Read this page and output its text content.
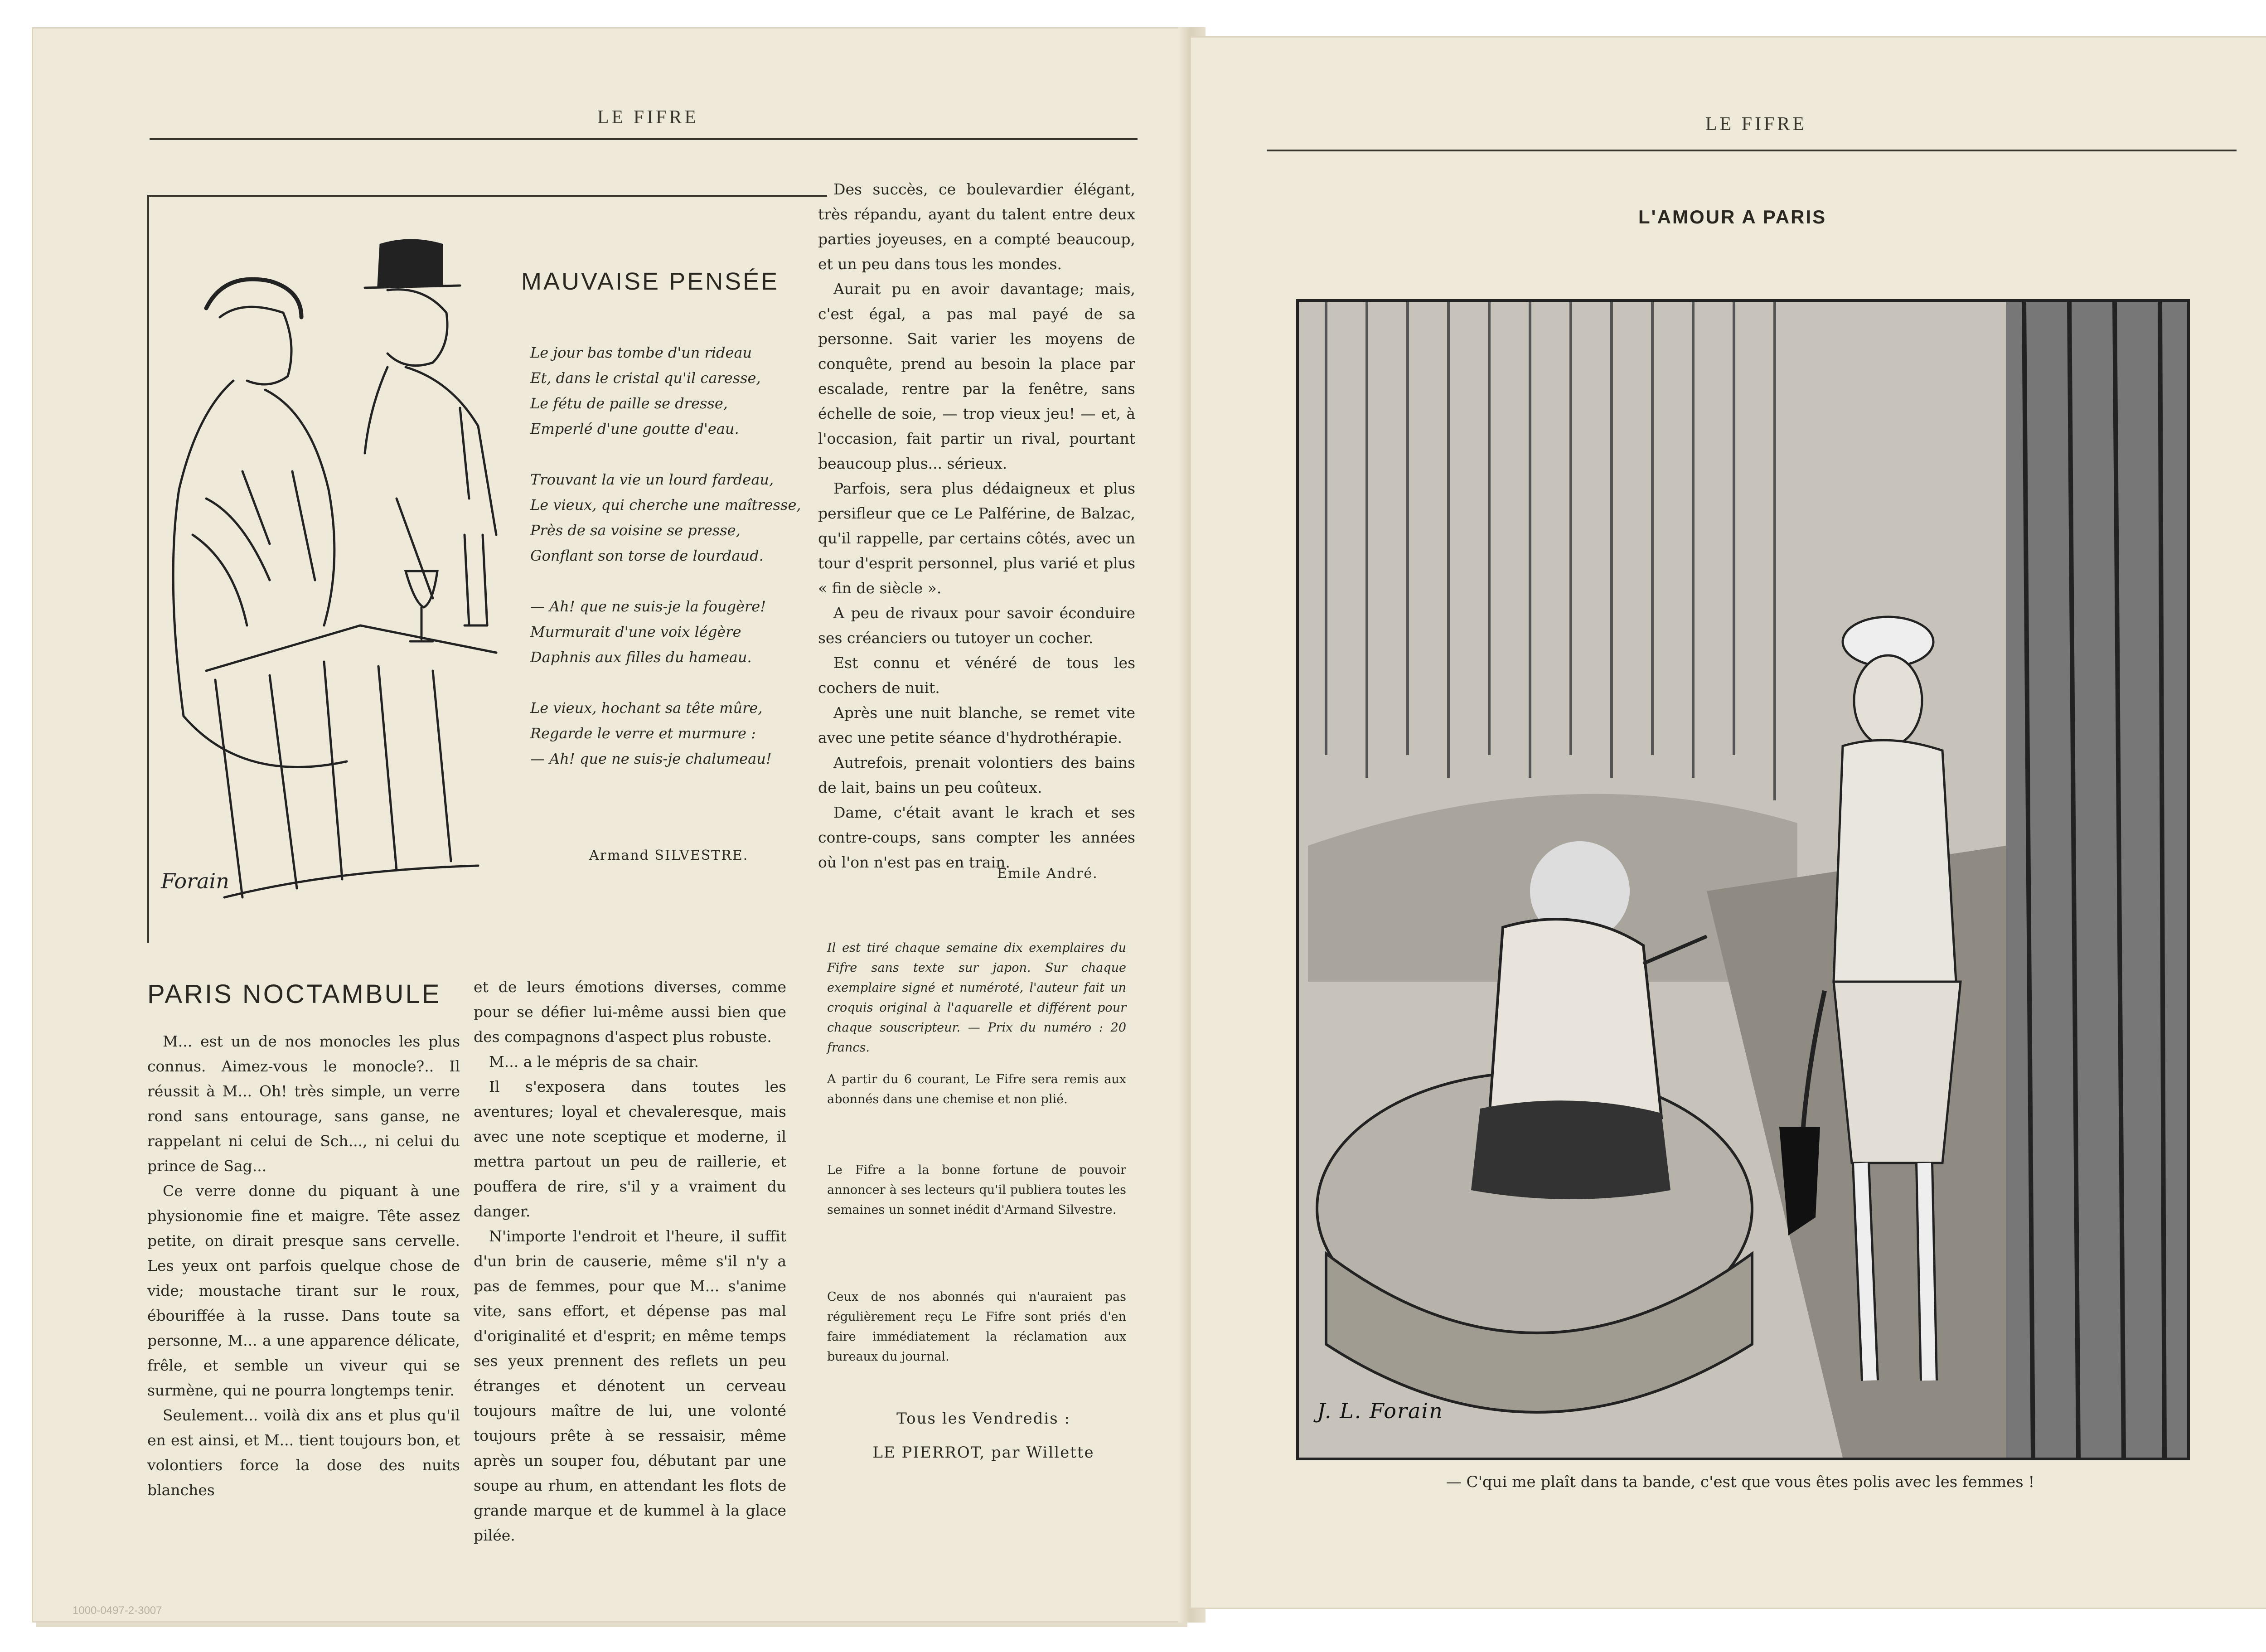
LE FIFRE
Forain
MAUVAISE PENSÉE
Le jour bas tombe d'un rideau
Et, dans le cristal qu'il caresse,
Le fétu de paille se dresse,
Emperlé d'une goutte d'eau.
Trouvant la vie un lourd fardeau,
Le vieux, qui cherche une maîtresse,
Près de sa voisine se presse,
Gonflant son torse de lourdaud.
— Ah! que ne suis-je la fougère!
Murmurait d'une voix légère
Daphnis aux filles du hameau.
Le vieux, hochant sa tête mûre,
Regarde le verre et murmure :
— Ah! que ne suis-je chalumeau!
Armand SILVESTRE.
PARIS NOCTAMBULE

M... est un de nos monocles les plus connus. Aimez-vous le monocle?.. Il réussit à M... Oh! très simple, un verre rond sans entourage, sans ganse, ne rappelant ni celui de Sch..., ni celui du prince de Sag...

Ce verre donne du piquant à une physionomie fine et maigre. Tête assez petite, on dirait presque sans cervelle. Les yeux ont parfois quelque chose de vide; moustache tirant sur le roux, ébouriffée à la russe. Dans toute sa personne, M... a une apparence délicate, frêle, et semble un viveur qui se surmène, qui ne pourra longtemps tenir.

Seulement... voilà dix ans et plus qu'il en est ainsi, et M... tient toujours bon, et volontiers force la dose des nuits blanches

et de leurs émotions diverses, comme pour se défier lui-même aussi bien que des compagnons d'aspect plus robuste.

M... a le mépris de sa chair.

Il s'exposera dans toutes les aventures; loyal et chevaleresque, mais avec une note sceptique et moderne, il mettra partout un peu de raillerie, et pouffera de rire, s'il y a vraiment du danger.

N'importe l'endroit et l'heure, il suffit d'un brin de causerie, même s'il n'y a pas de femmes, pour que M... s'anime vite, sans effort, et dépense pas mal d'originalité et d'esprit; en même temps ses yeux prennent des reflets un peu étranges et dénotent un cerveau toujours maître de lui, une volonté toujours prête à se ressaisir, même après un souper fou, débutant par une soupe au rhum, en attendant les flots de grande marque et de kummel à la glace pilée.

Des succès, ce boulevardier élégant, très répandu, ayant du talent entre deux parties joyeuses, en a compté beaucoup, et un peu dans tous les mondes.

Aurait pu en avoir davantage; mais, c'est égal, a pas mal payé de sa personne. Sait varier les moyens de conquête, prend au besoin la place par escalade, rentre par la fenêtre, sans échelle de soie, — trop vieux jeu! — et, à l'occasion, fait partir un rival, pourtant beaucoup plus... sérieux.

Parfois, sera plus dédaigneux et plus persifleur que ce Le Palférine, de Balzac, qu'il rappelle, par certains côtés, avec un tour d'esprit personnel, plus varié et plus « fin de siècle ».

A peu de rivaux pour savoir éconduire ses créanciers ou tutoyer un cocher.

Est connu et vénéré de tous les cochers de nuit.

Après une nuit blanche, se remet vite avec une petite séance d'hydrothérapie.

Autrefois, prenait volontiers des bains de lait, bains un peu coûteux.

Dame, c'était avant le krach et ses contre-coups, sans compter les années où l'on n'est pas en train.

Emile André.
Il est tiré chaque semaine dix exemplaires du Fifre sans texte sur japon. Sur chaque exemplaire signé et numéroté, l'auteur fait un croquis original à l'aquarelle et différent pour chaque souscripteur. — Prix du numéro : 20 francs.
A partir du 6 courant, Le Fifre sera remis aux abonnés dans une chemise et non plié.
Le Fifre a la bonne fortune de pouvoir annoncer à ses lecteurs qu'il publiera toutes les semaines un sonnet inédit d'Armand Silvestre.
Ceux de nos abonnés qui n'auraient pas régulièrement reçu Le Fifre sont priés d'en faire immédiatement la réclamation aux bureaux du journal.
Tous les Vendredis :
LE PIERROT, par Willette
1000-0497-2-3007
LE FIFRE
L'AMOUR A PARIS
J. L. Forain
— C'qui me plaît dans ta bande, c'est que vous êtes polis avec les femmes !
